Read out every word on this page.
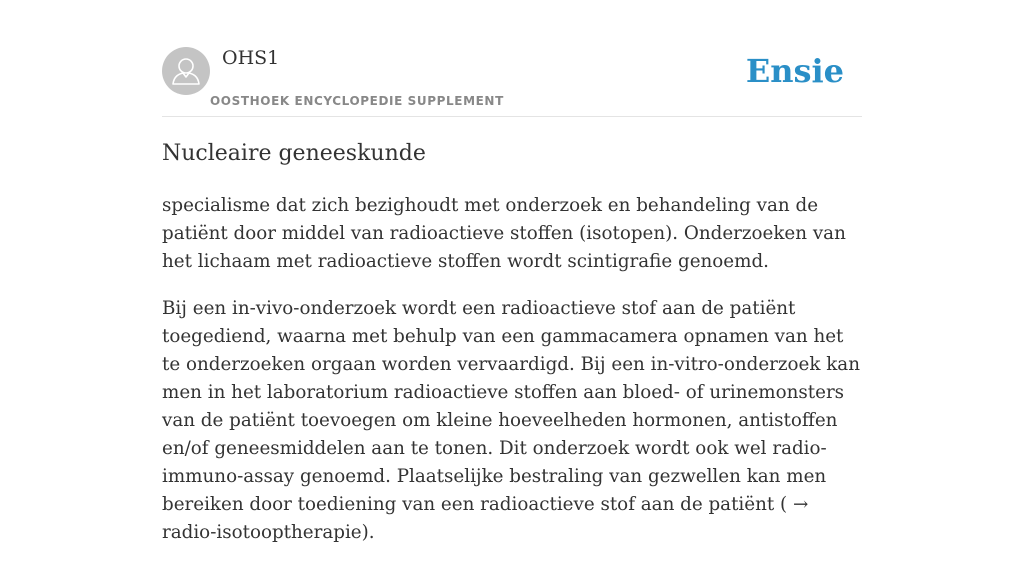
OHS1
OOSTHOEK ENCYCLOPEDIE SUPPLEMENT
Ensie
Nucleaire geneeskunde

specialisme dat zich bezighoudt met onderzoek en behandeling van de patiënt door middel van radioactieve stoffen (isotopen). Onderzoeken van het lichaam met radioactieve stoffen wordt scintigrafie genoemd.

Bij een in-vivo-onderzoek wordt een radioactieve stof aan de patiënt toegediend, waarna met behulp van een gammacamera opnamen van het te onderzoeken orgaan worden vervaardigd. Bij een in-vitro-onderzoek kan men in het laboratorium radioactieve stoffen aan bloed- of urinemonsters van de patiënt toevoegen om kleine hoeveelheden hormonen, antistoffen en/of geneesmiddelen aan te tonen. Dit onderzoek wordt ook wel radio-immuno-assay genoemd. Plaatselijke bestraling van gezwellen kan men bereiken door toediening van een radioactieve stof aan de patiënt ( → radio-isotooptherapie).
